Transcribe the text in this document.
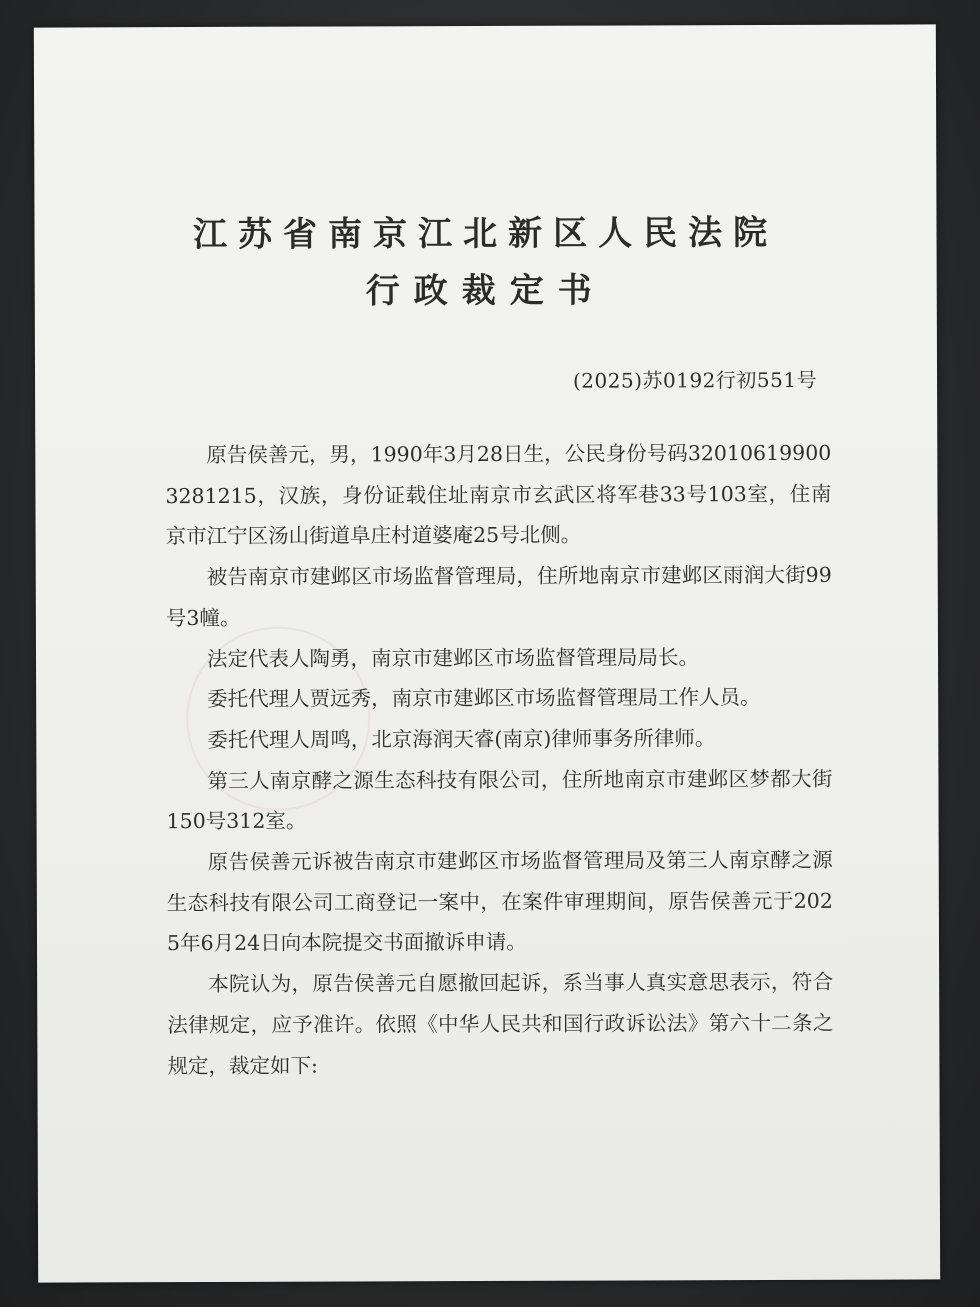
江苏省南京江北新区人民法院
行政裁定书
(2025)苏0192行初551号

原告侯善元，男，1990年3月28日生，公民身份号码320106199003281215，汉族，身份证载住址南京市玄武区将军巷33号103室，住南京市江宁区汤山街道阜庄村道婆庵25号北侧。

被告南京市建邺区市场监督管理局，住所地南京市建邺区雨润大街99号3幢。

法定代表人陶勇，南京市建邺区市场监督管理局局长。

委托代理人贾远秀，南京市建邺区市场监督管理局工作人员。

委托代理人周鸣，北京海润天睿(南京)律师事务所律师。

第三人南京酵之源生态科技有限公司，住所地南京市建邺区梦都大街150号312室。

原告侯善元诉被告南京市建邺区市场监督管理局及第三人南京酵之源生态科技有限公司工商登记一案中，在案件审理期间，原告侯善元于2025年6月24日向本院提交书面撤诉申请。

本院认为，原告侯善元自愿撤回起诉，系当事人真实意思表示，符合法律规定，应予准许。依照《中华人民共和国行政诉讼法》第六十二条之规定，裁定如下:
